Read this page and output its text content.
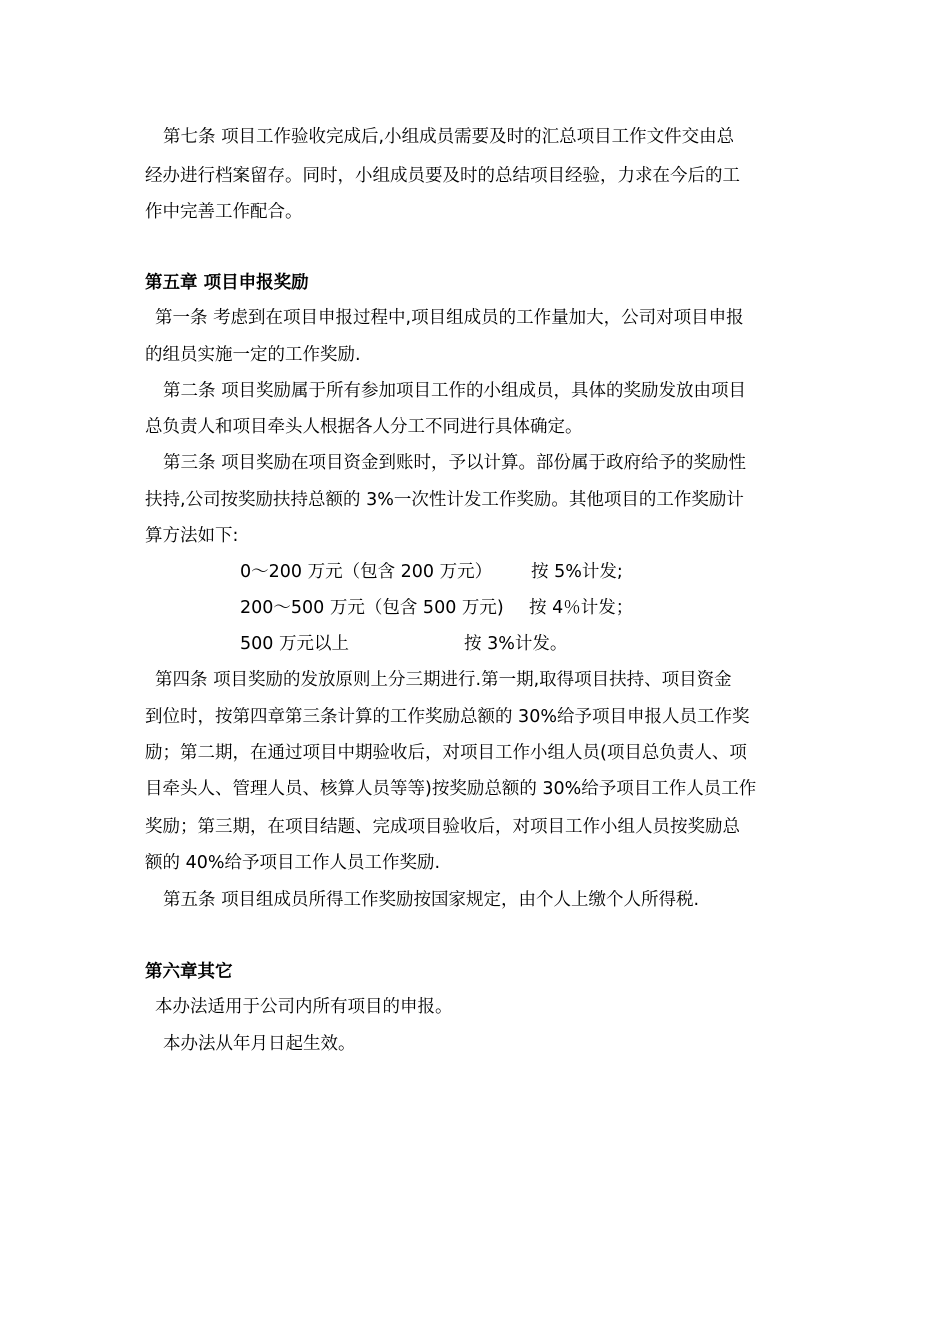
第七条 项目工作验收完成后,小组成员需要及时的汇总项目工作文件交由总
经办进行档案留存。同时，小组成员要及时的总结项目经验，力求在今后的工
作中完善工作配合。
第五章 项目申报奖励
第一条 考虑到在项目申报过程中,项目组成员的工作量加大，公司对项目申报
的组员实施一定的工作奖励.
第二条 项目奖励属于所有参加项目工作的小组成员，具体的奖励发放由项目
总负责人和项目牵头人根据各人分工不同进行具体确定。
第三条 项目奖励在项目资金到账时，予以计算。部份属于政府给予的奖励性
扶持,公司按奖励扶持总额的 3%一次性计发工作奖励。其他项目的工作奖励计
算方法如下:
0～200 万元（包含 200 万元） 按 5%计发;
200～500 万元（包含 500 万元) 按 4％计发；
500 万元以上	按 3%计发。
第四条 项目奖励的发放原则上分三期进行.第一期,取得项目扶持、项目资金
到位时，按第四章第三条计算的工作奖励总额的 30%给予项目申报人员工作奖
励；第二期，在通过项目中期验收后，对项目工作小组人员(项目总负责人、项
目牵头人、管理人员、核算人员等等)按奖励总额的 30%给予项目工作人员工作
奖励；第三期，在项目结题、完成项目验收后，对项目工作小组人员按奖励总
额的 40%给予项目工作人员工作奖励.
第五条 项目组成员所得工作奖励按国家规定，由个人上缴个人所得税.
第六章其它
本办法适用于公司内所有项目的申报。
本办法从年月日起生效。
